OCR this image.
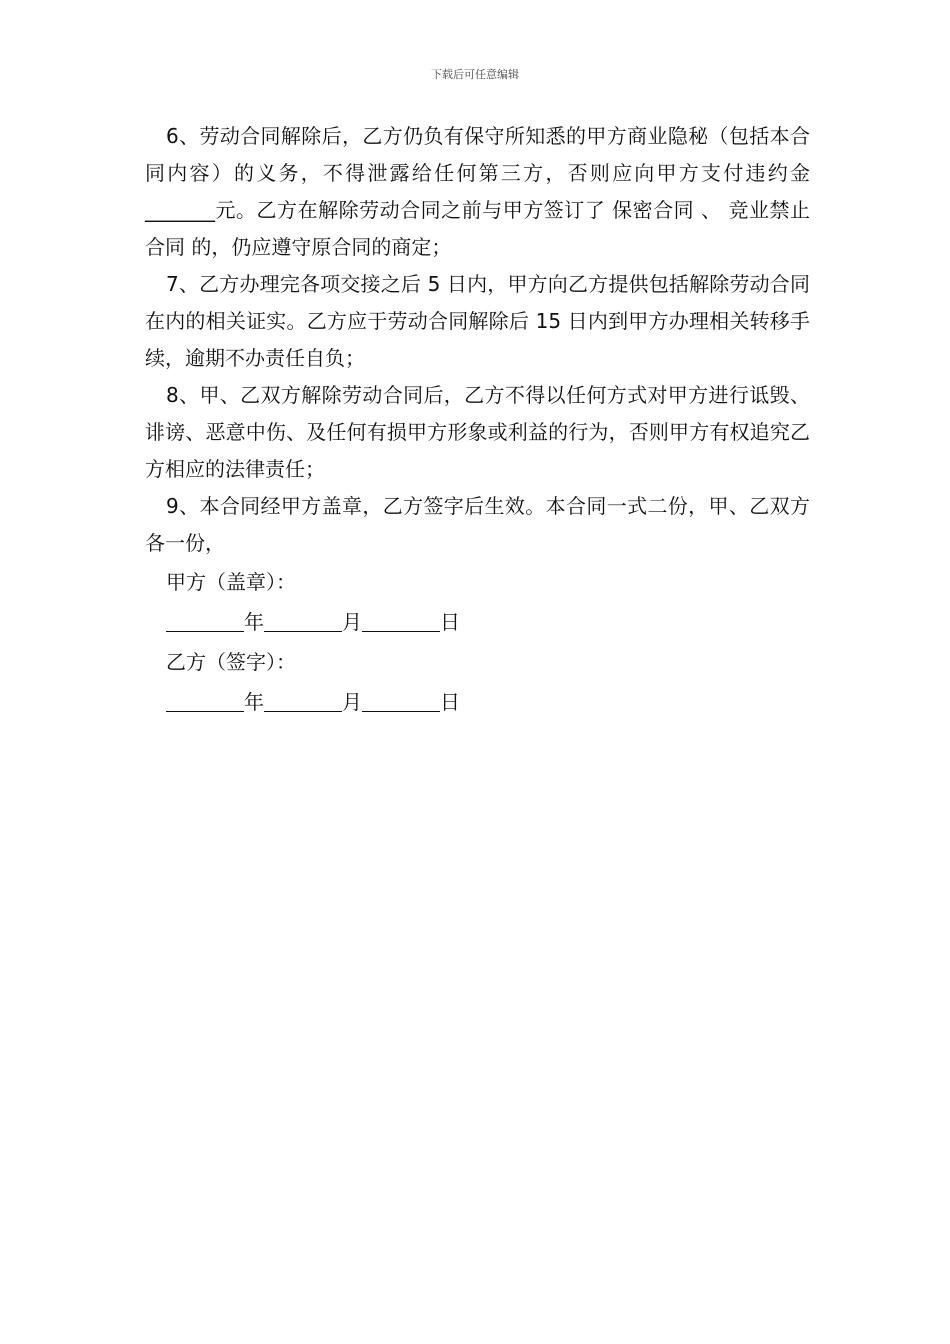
下载后可任意编辑

6、劳动合同解除后，乙方仍负有保守所知悉的甲方商业隐秘（包括本合同内容）的义务，不得泄露给任何第三方，否则应向甲方支付违约金_______元。乙方在解除劳动合同之前与甲方签订了 保密合同 、 竞业禁止合同 的，仍应遵守原合同的商定；

7、乙方办理完各项交接之后 5 日内，甲方向乙方提供包括解除劳动合同在内的相关证实。乙方应于劳动合同解除后 15 日内到甲方办理相关转移手续，逾期不办责任自负；

8、甲、乙双方解除劳动合同后，乙方不得以任何方式对甲方进行诋毁、诽谤、恶意中伤、及任何有损甲方形象或利益的行为，否则甲方有权追究乙方相应的法律责任；

9、本合同经甲方盖章，乙方签字后生效。本合同一式二份，甲、乙双方各一份，

甲方（盖章）：

年	月	日

乙方（签字）：

年	月	日
